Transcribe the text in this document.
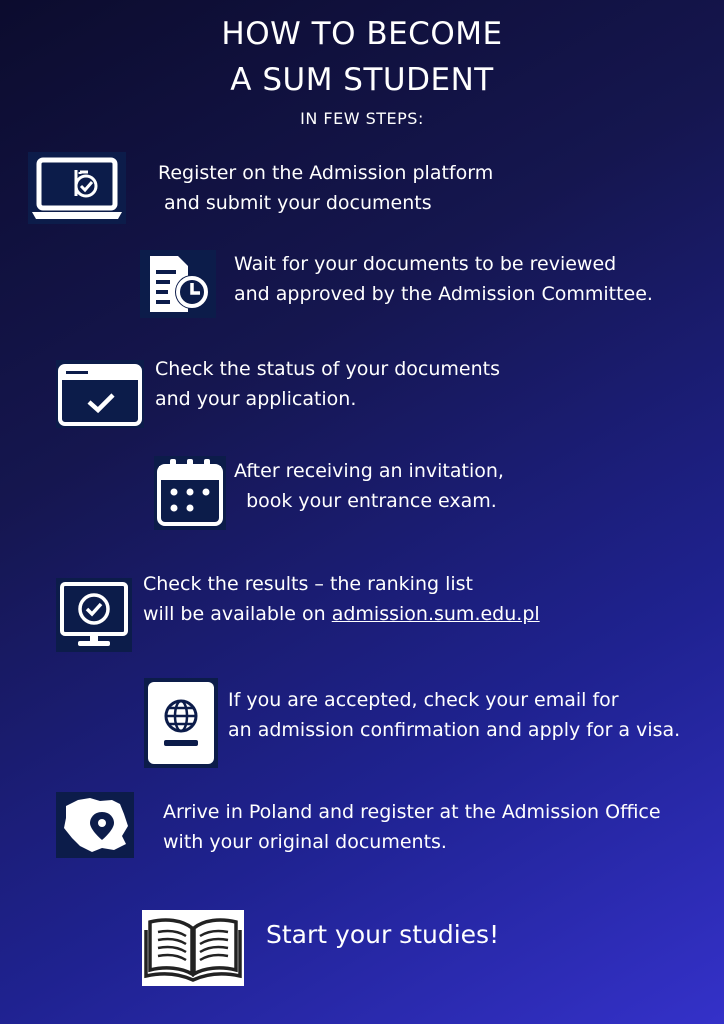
HOW TO BECOME
A SUM STUDENT
IN FEW STEPS:
Register on the Admission platform
and submit your documents
Wait for your documents to be reviewed
and approved by the Admission Committee.
Check the status of your documents
and your application.
After receiving an invitation,
book your entrance exam.
Check the results – the ranking list
will be available on admission.sum.edu.pl
If you are accepted, check your email for
an admission confirmation and apply for a visa.
Arrive in Poland and register at the Admission Office
with your original documents.
Start your studies!
